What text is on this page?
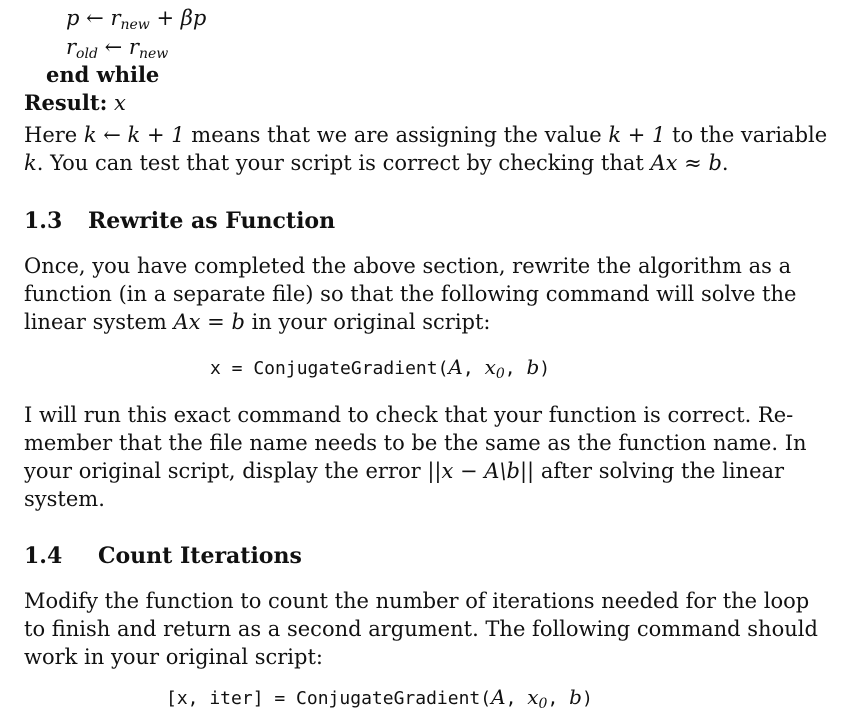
p ← rnew + βp
rold ← rnew
end while
Result: x
Here k ← k + 1 means that we are assigning the value k + 1 to the variable
k. You can test that your script is correct by checking that Ax ≈ b.
1.3 Rewrite as Function
Once, you have completed the above section, rewrite the algorithm as a
function (in a separate file) so that the following command will solve the
linear system Ax = b in your original script:
x = ConjugateGradient(A, $x_0$, b)
I will run this exact command to check that your function is correct. Re-
member that the file name needs to be the same as the function name. In
your original script, display the error ||x − A\b|| after solving the linear
system.
1.4 Count Iterations
Modify the function to count the number of iterations needed for the loop
to finish and return as a second argument. The following command should
work in your original script:
[x, iter] = ConjugateGradient(A, $x_0$, b)
